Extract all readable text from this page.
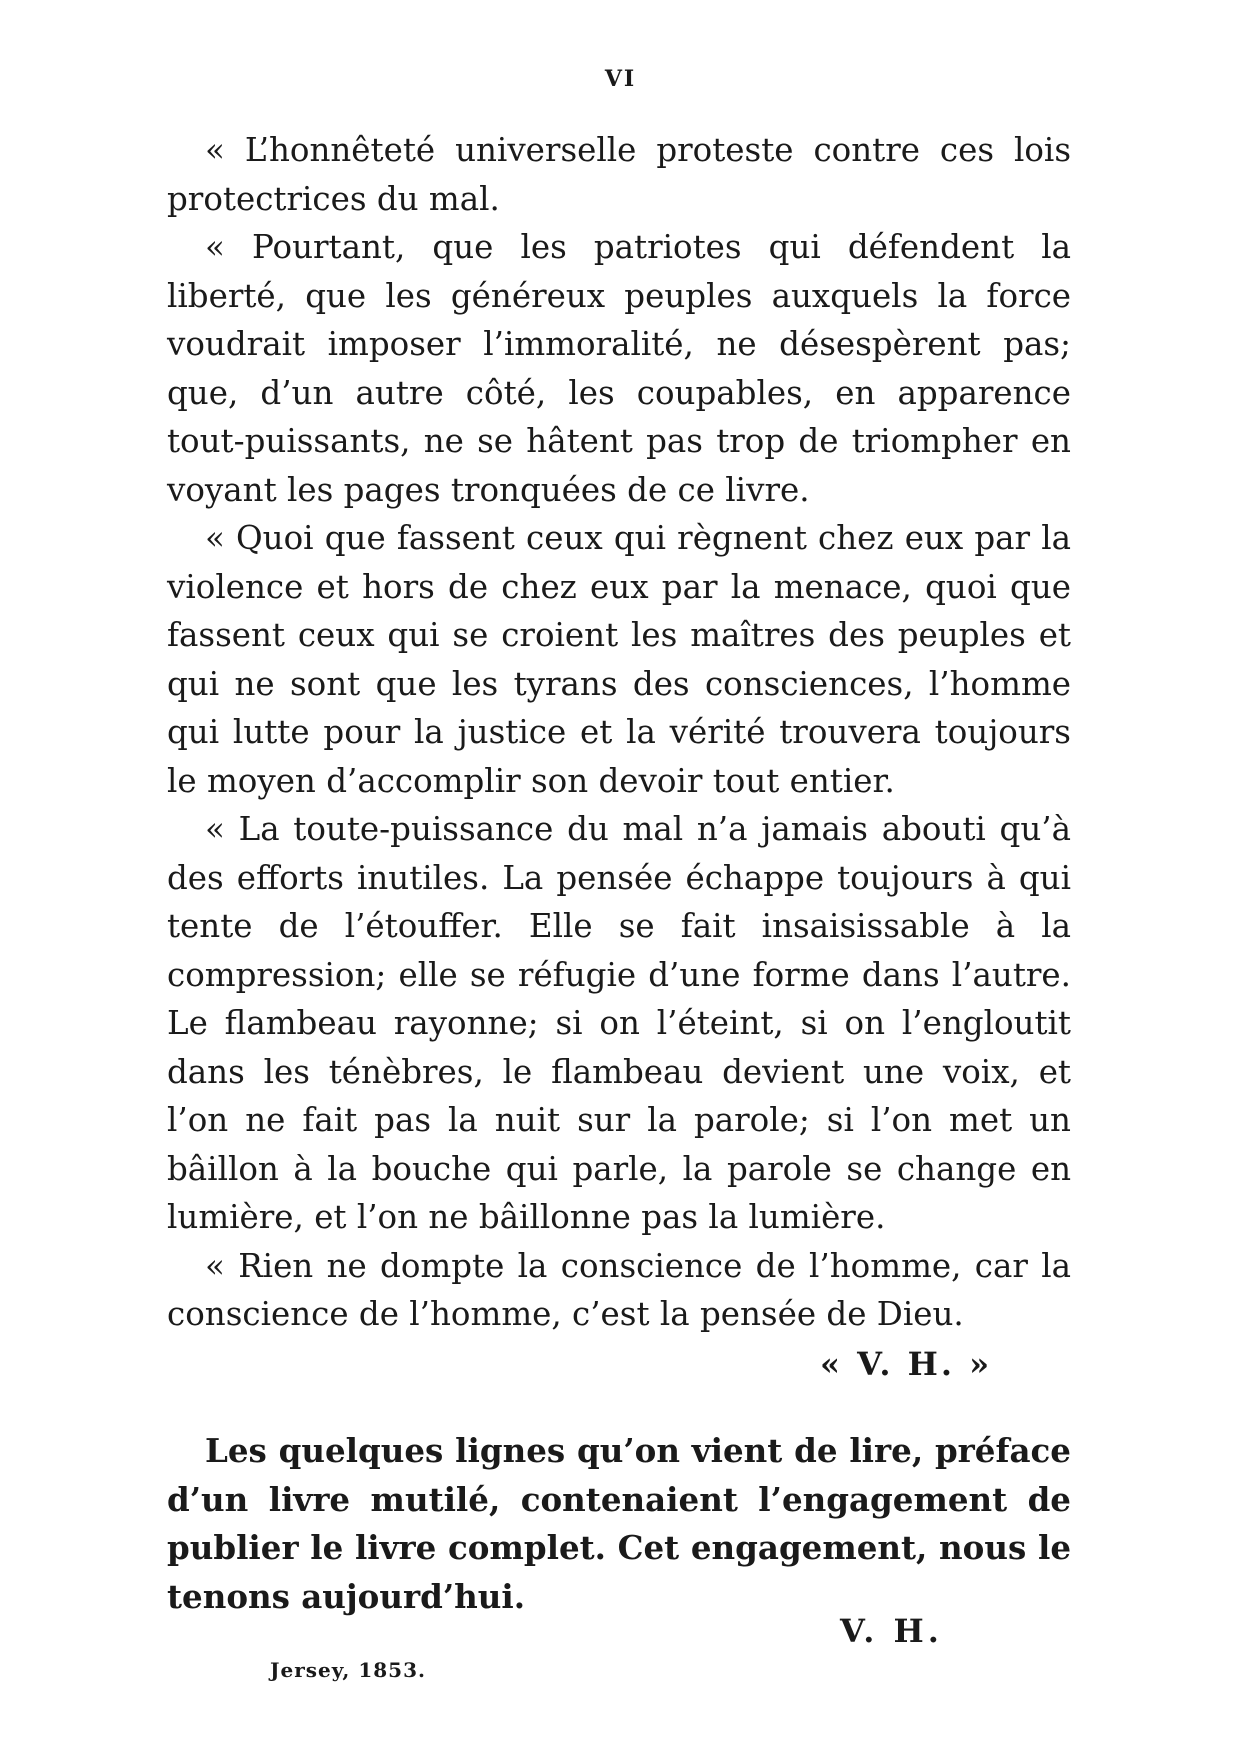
VI

« L’honnêteté universelle proteste contre ces lois protectrices du mal.

« Pourtant, que les patriotes qui défendent la liberté, que les généreux peuples auxquels la force voudrait imposer l’immoralité, ne désespèrent pas; que, d’un autre côté, les coupables, en apparence tout-puissants, ne se hâtent pas trop de triompher en voyant les pages tronquées de ce livre.

« Quoi que fassent ceux qui règnent chez eux par la violence et hors de chez eux par la menace, quoi que fassent ceux qui se croient les maîtres des peuples et qui ne sont que les tyrans des consciences, l’homme qui lutte pour la justice et la vérité trouvera toujours le moyen d’accomplir son devoir tout entier.

« La toute-puissance du mal n’a jamais abouti qu’à des efforts inutiles. La pensée échappe toujours à qui tente de l’étouffer. Elle se fait insaisissable à la compression; elle se réfugie d’une forme dans l’autre. Le flambeau rayonne; si on l’éteint, si on l’engloutit dans les ténèbres, le flambeau devient une voix, et l’on ne fait pas la nuit sur la parole; si l’on met un bâillon à la bouche qui parle, la parole se change en lumière, et l’on ne bâillonne pas la lumière.

« Rien ne dompte la conscience de l’homme, car la conscience de l’homme, c’est la pensée de Dieu.

« V. H. »

Les quelques lignes qu’on vient de lire, préface d’un livre mutilé, contenaient l’engagement de publier le livre complet. Cet engagement, nous le tenons aujourd’hui.

V. H.
Jersey, 1853.
